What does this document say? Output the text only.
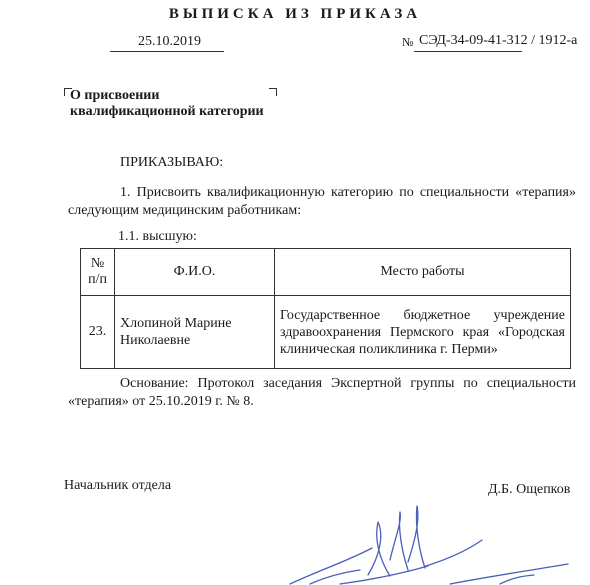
ВЫПИСКА ИЗ ПРИКАЗА
25.10.2019	№ СЭД-34-09-41-312 / 1912-а
О присвоении
квалификационной категории
ПРИКАЗЫВАЮ:
1. Присвоить квалификационную категорию по специальности «терапия» следующим медицинским работникам:
1.1. высшую:
№
п/п	Ф.И.О.	Место работы
23.	Хлопиной Марине Николаевне	Государственное бюджетное учреждение здравоохранения Пермского края «Городская клиническая поликлиника г. Перми»
Основание: Протокол заседания Экспертной группы по специальности «терапия» от 25.10.2019 г. № 8.
Начальник отдела	Д.Б. Ощепков
